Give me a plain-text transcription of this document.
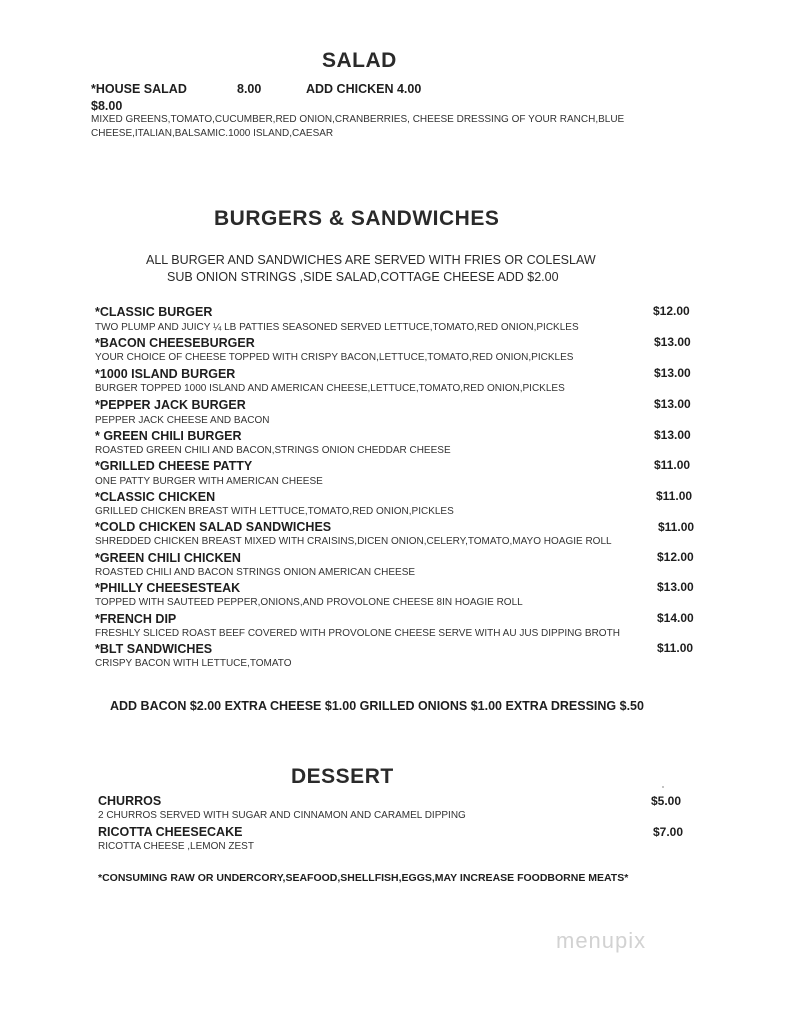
SALAD
*HOUSE SALAD	8.00	ADD CHICKEN 4.00
$8.00
MIXED GREENS,TOMATO,CUCUMBER,RED ONION,CRANBERRIES, CHEESE DRESSING OF YOUR RANCH,BLUE
CHEESE,ITALIAN,BALSAMIC.1000 ISLAND,CAESAR
BURGERS & SANDWICHES
ALL BURGER AND SANDWICHES ARE SERVED WITH FRIES OR COLESLAW
SUB ONION STRINGS ,SIDE SALAD,COTTAGE CHEESE ADD $2.00
*CLASSIC BURGER	$12.00
TWO PLUMP AND JUICY ¼ LB PATTIES SEASONED SERVED LETTUCE,TOMATO,RED ONION,PICKLES
*BACON CHEESEBURGER	$13.00
YOUR CHOICE OF CHEESE TOPPED WITH CRISPY BACON,LETTUCE,TOMATO,RED ONION,PICKLES
*1000 ISLAND BURGER	$13.00
BURGER TOPPED 1000 ISLAND AND AMERICAN CHEESE,LETTUCE,TOMATO,RED ONION,PICKLES
*PEPPER JACK BURGER	$13.00
PEPPER JACK CHEESE AND BACON
* GREEN CHILI BURGER	$13.00
ROASTED GREEN CHILI AND BACON,STRINGS ONION CHEDDAR CHEESE
*GRILLED CHEESE PATTY	$11.00
ONE PATTY BURGER WITH AMERICAN CHEESE
*CLASSIC CHICKEN	$11.00
GRILLED CHICKEN BREAST WITH LETTUCE,TOMATO,RED ONION,PICKLES
*COLD CHICKEN SALAD SANDWICHES	$11.00
SHREDDED CHICKEN BREAST MIXED WITH CRAISINS,DICEN ONION,CELERY,TOMATO,MAYO HOAGIE ROLL
*GREEN CHILI CHICKEN	$12.00
ROASTED CHILI AND BACON STRINGS ONION AMERICAN CHEESE
*PHILLY CHEESESTEAK	$13.00
TOPPED WITH SAUTEED PEPPER,ONIONS,AND PROVOLONE CHEESE 8IN HOAGIE ROLL
*FRENCH DIP	$14.00
FRESHLY SLICED ROAST BEEF COVERED WITH PROVOLONE CHEESE SERVE WITH AU JUS DIPPING BROTH
*BLT SANDWICHES	$11.00
CRISPY BACON WITH LETTUCE,TOMATO
ADD BACON $2.00 EXTRA CHEESE $1.00 GRILLED ONIONS $1.00 EXTRA DRESSING $.50
DESSERT
CHURROS	$5.00
2 CHURROS SERVED WITH SUGAR AND CINNAMON AND CARAMEL DIPPING
RICOTTA CHEESECAKE	$7.00
RICOTTA CHEESE ,LEMON ZEST
*CONSUMING RAW OR UNDERCORY,SEAFOOD,SHELLFISH,EGGS,MAY INCREASE FOODBORNE MEATS*
menupix
